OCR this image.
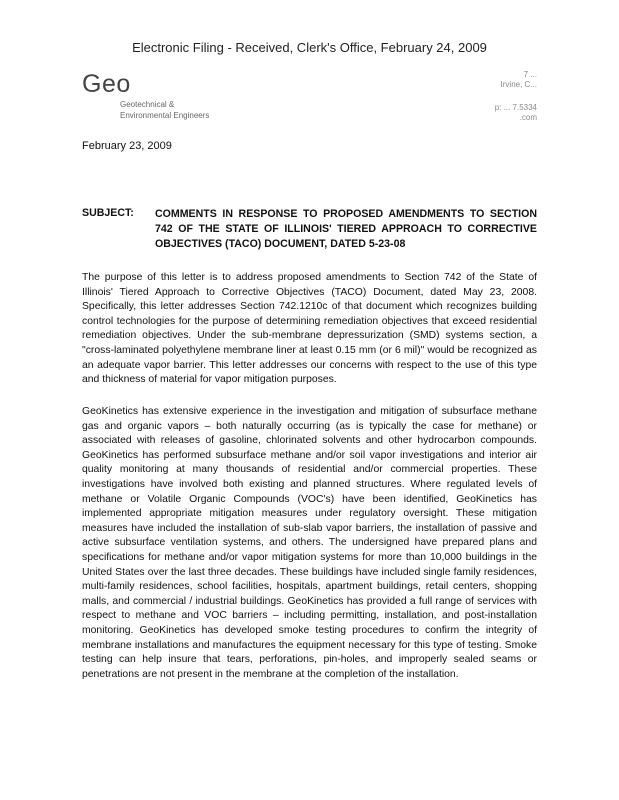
Electronic Filing - Received, Clerk's Office, February 24, 2009
Geo
Geotechnical &
Environmental Engineers
7 ...
Irvine, C...
p: ... 7.5334
.com
February 23, 2009
SUBJECT: COMMENTS IN RESPONSE TO PROPOSED AMENDMENTS TO SECTION 742 OF THE STATE OF ILLINOIS' TIERED APPROACH TO CORRECTIVE OBJECTIVES (TACO) DOCUMENT, DATED 5-23-08

The purpose of this letter is to address proposed amendments to Section 742 of the State of Illinois' Tiered Approach to Corrective Objectives (TACO) Document, dated May 23, 2008. Specifically, this letter addresses Section 742.1210c of that document which recognizes building control technologies for the purpose of determining remediation objectives that exceed residential remediation objectives. Under the sub-membrane depressurization (SMD) systems section, a "cross-laminated polyethylene membrane liner at least 0.15 mm (or 6 mil)" would be recognized as an adequate vapor barrier. This letter addresses our concerns with respect to the use of this type and thickness of material for vapor mitigation purposes.

GeoKinetics has extensive experience in the investigation and mitigation of subsurface methane gas and organic vapors – both naturally occurring (as is typically the case for methane) or associated with releases of gasoline, chlorinated solvents and other hydrocarbon compounds. GeoKinetics has performed subsurface methane and/or soil vapor investigations and interior air quality monitoring at many thousands of residential and/or commercial properties. These investigations have involved both existing and planned structures. Where regulated levels of methane or Volatile Organic Compounds (VOC's) have been identified, GeoKinetics has implemented appropriate mitigation measures under regulatory oversight. These mitigation measures have included the installation of sub-slab vapor barriers, the installation of passive and active subsurface ventilation systems, and others. The undersigned have prepared plans and specifications for methane and/or vapor mitigation systems for more than 10,000 buildings in the United States over the last three decades. These buildings have included single family residences, multi-family residences, school facilities, hospitals, apartment buildings, retail centers, shopping malls, and commercial / industrial buildings. GeoKinetics has provided a full range of services with respect to methane and VOC barriers – including permitting, installation, and post-installation monitoring. GeoKinetics has developed smoke testing procedures to confirm the integrity of membrane installations and manufactures the equipment necessary for this type of testing. Smoke testing can help insure that tears, perforations, pin-holes, and improperly sealed seams or penetrations are not present in the membrane at the completion of the installation.
